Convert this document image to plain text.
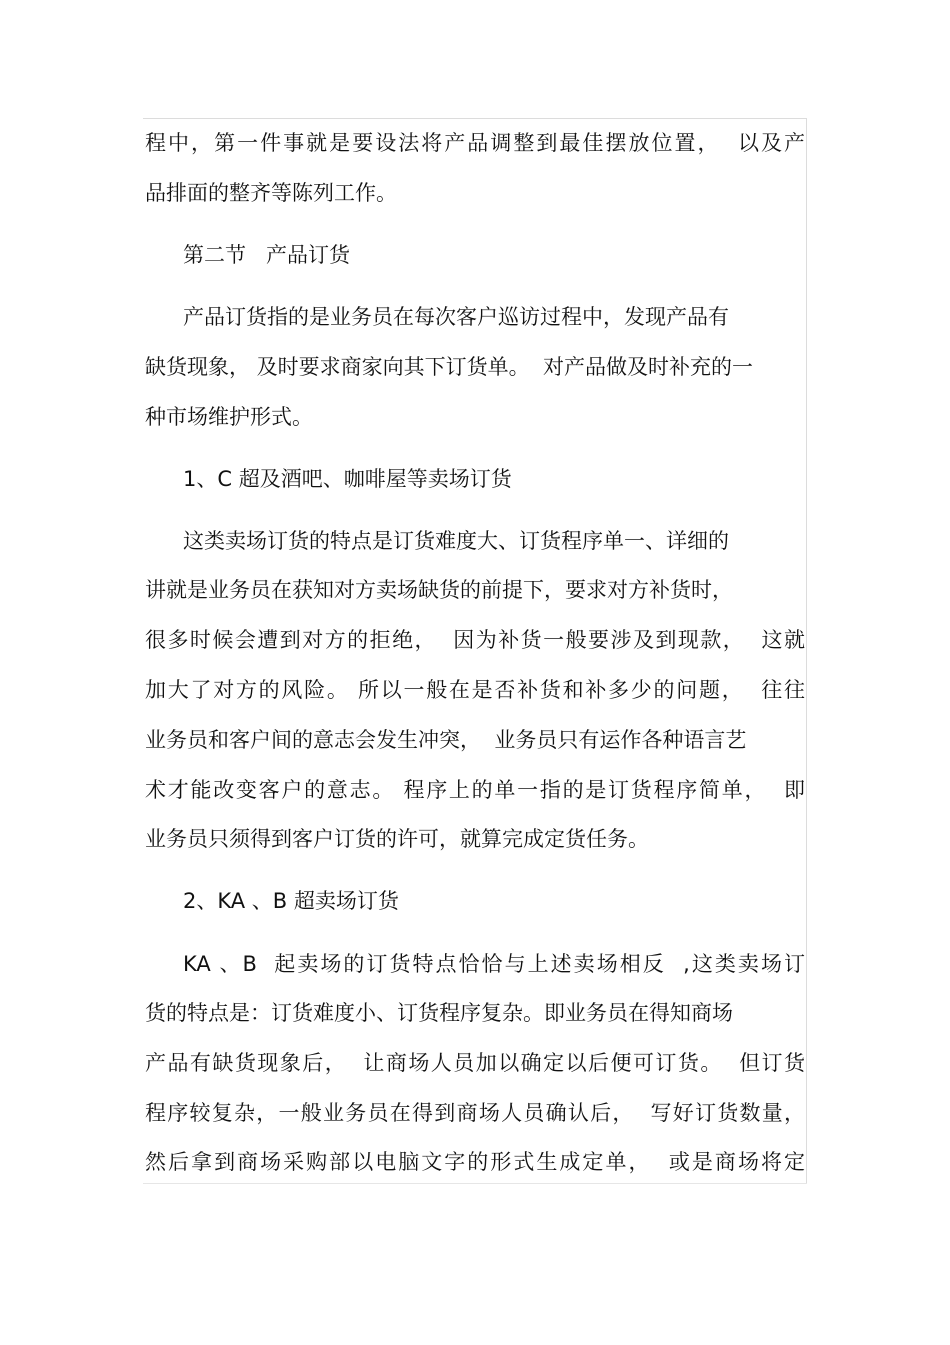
程中，第一件事就是要设法将产品调整到最佳摆放位置，  以及产
品排面的整齐等陈列工作。
第二节   产品订货
产品订货指的是业务员在每次客户巡访过程中，发现产品有
缺货现象， 及时要求商家向其下订货单。  对产品做及时补充的一
种市场维护形式。
1、C 超及酒吧、咖啡屋等卖场订货
这类卖场订货的特点是订货难度大、订货程序单一、详细的
讲就是业务员在获知对方卖场缺货的前提下，要求对方补货时，
很多时候会遭到对方的拒绝，  因为补货一般要涉及到现款，  这就
加大了对方的风险。 所以一般在是否补货和补多少的问题，  往往
业务员和客户间的意志会发生冲突，  业务员只有运作各种语言艺
术才能改变客户的意志。 程序上的单一指的是订货程序简单，  即
业务员只须得到客户订货的许可，就算完成定货任务。
2、KA 、B 超卖场订货
KA 、B  起卖场的订货特点恰恰与上述卖场相反  ,这类卖场订
货的特点是：订货难度小、订货程序复杂。即业务员在得知商场
产品有缺货现象后，  让商场人员加以确定以后便可订货。  但订货
程序较复杂，一般业务员在得到商场人员确认后，  写好订货数量，
然后拿到商场采购部以电脑文字的形式生成定单，  或是商场将定
